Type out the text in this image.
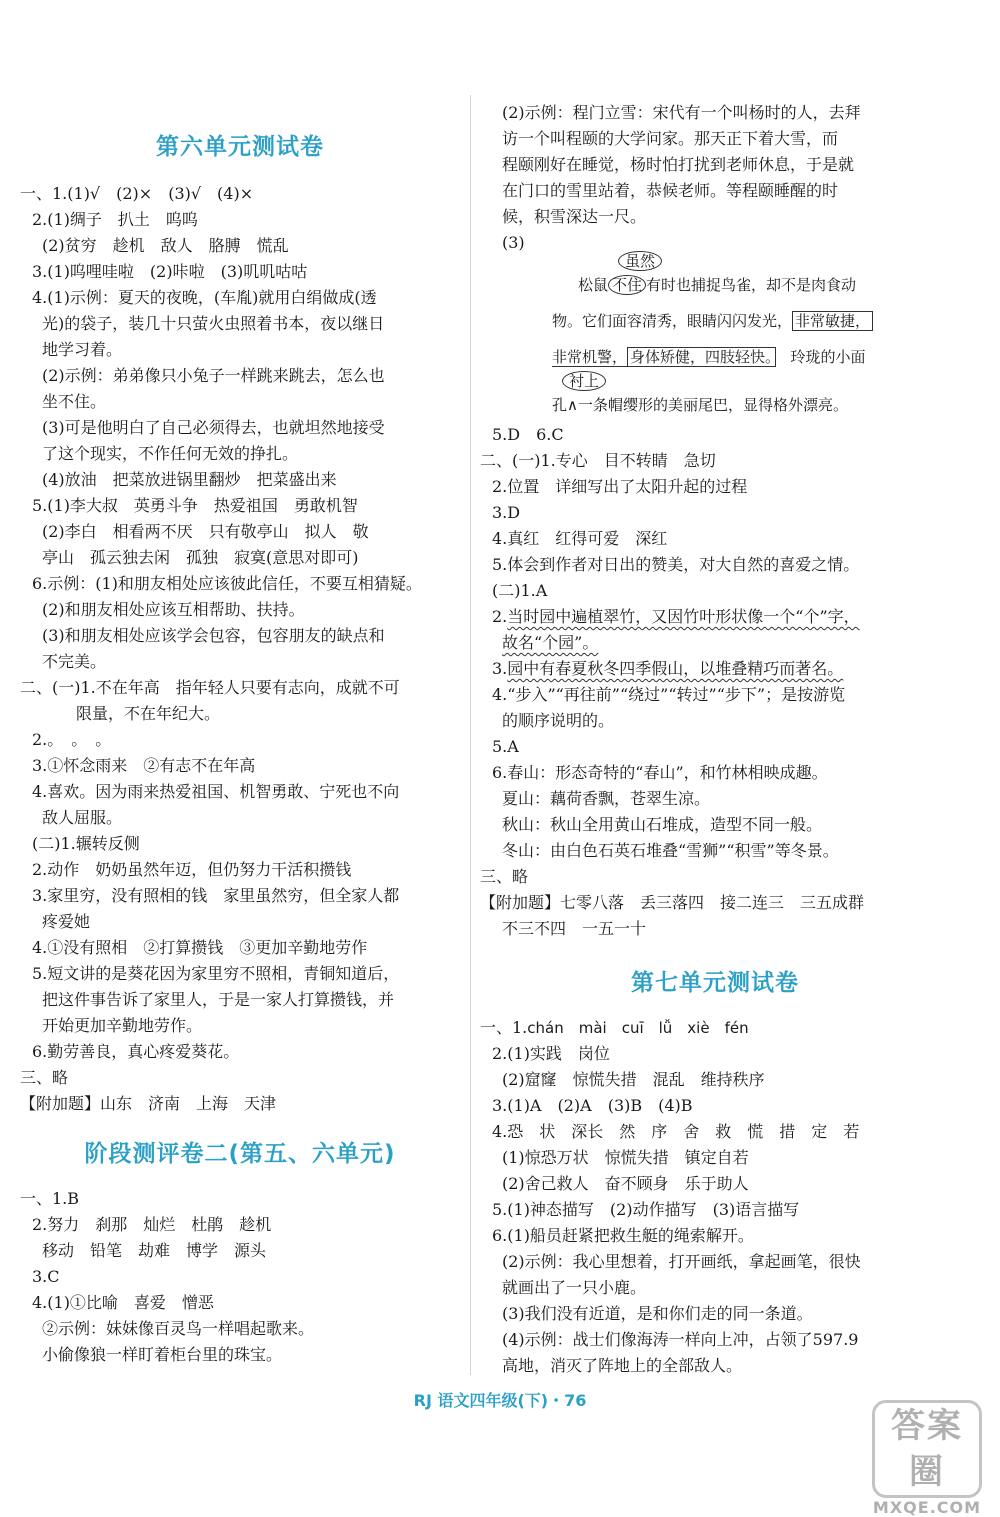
第六单元测试卷
一、1.(1)√　(2)×　(3)√　(4)×
2.(1)绸子　扒土　呜呜
(2)贫穷　趁机　敌人　胳膊　慌乱
3.(1)呜哩哇啦　(2)咔啦　(3)叽叽咕咕
4.(1)示例：夏天的夜晚，(车胤)就用白绢做成(透
光)的袋子，装几十只萤火虫照着书本，夜以继日
地学习着。
(2)示例：弟弟像只小兔子一样跳来跳去，怎么也
坐不住。
(3)可是他明白了自己必须得去，也就坦然地接受
了这个现实，不作任何无效的挣扎。
(4)放油　把菜放进锅里翻炒　把菜盛出来
5.(1)李大叔　英勇斗争　热爱祖国　勇敢机智
(2)李白　相看两不厌　只有敬亭山　拟人　敬
亭山　孤云独去闲　孤独　寂寞(意思对即可)
6.示例：(1)和朋友相处应该彼此信任，不要互相猜疑。
(2)和朋友相处应该互相帮助、扶持。
(3)和朋友相处应该学会包容，包容朋友的缺点和
不完美。
二、(一)1.不在年高　指年轻人只要有志向，成就不可
限量，不在年纪大。
2.。　。　。
3.①怀念雨来　②有志不在年高
4.喜欢。因为雨来热爱祖国、机智勇敢、宁死也不向
敌人屈服。
(二)1.辗转反侧
2.动作　奶奶虽然年迈，但仍努力干活积攒钱
3.家里穷，没有照相的钱　家里虽然穷，但全家人都
疼爱她
4.①没有照相　②打算攒钱　③更加辛勤地劳作
5.短文讲的是葵花因为家里穷不照相，青铜知道后，
把这件事告诉了家里人，于是一家人打算攒钱，并
开始更加辛勤地劳作。
6.勤劳善良，真心疼爱葵花。
三、略
【附加题】山东　济南　上海　天津
阶段测评卷二(第五、六单元)
一、1.B
2.努力　刹那　灿烂　杜鹃　趁机
移动　铅笔　劫难　博学　源头
3.C
4.(1)①比喻　喜爱　憎恶
②示例：妹妹像百灵鸟一样唱起歌来。
小偷像狼一样盯着柜台里的珠宝。
(2)示例：程门立雪：宋代有一个叫杨时的人，去拜
访一个叫程颐的大学问家。那天正下着大雪，而
程颐刚好在睡觉，杨时怕打扰到老师休息，于是就
在门口的雪里站着，恭候老师。等程颐睡醒的时
候，积雪深达一尺。
(3)
虽然
松鼠 不住 有时也捕捉鸟雀，却不是肉食动
物。它们面容清秀，眼睛闪闪发光， 非常敏捷，
非常机警， 身体矫健，四肢轻快。　 玲珑的小面
衬上
孔∧一条帽缨形的美丽尾巴，显得格外漂亮。
5.D　6.C
二、(一)1.专心　目不转睛　急切
2.位置　详细写出了太阳升起的过程
3.D
4.真红　红得可爱　深红
5.体会到作者对日出的赞美，对大自然的喜爱之情。
(二)1.A
2.当时园中遍植翠竹，又因竹叶形状像一个“个”字，
故名“个园”。
3.园中有春夏秋冬四季假山，以堆叠精巧而著名。
4.“步入”“再往前”“绕过”“转过”“步下”；是按游览
的顺序说明的。
5.A
6.春山：形态奇特的“春山”，和竹林相映成趣。
夏山：藕荷香飘，苍翠生凉。
秋山：秋山全用黄山石堆成，造型不同一般。
冬山：由白色石英石堆叠“雪狮”“积雪”等冬景。
三、略
【附加题】七零八落　丢三落四　接二连三　三五成群
不三不四　一五一十
第七单元测试卷
一、1.chán　mài　cuī　lǚ　xiè　fén
2.(1)实践　岗位
(2)窟窿　惊慌失措　混乱　维持秩序
3.(1)A　(2)A　(3)B　(4)B
4.恐　状　深长　然　序　舍　救　慌　措　定　若
(1)惊恐万状　惊慌失措　镇定自若
(2)舍己救人　奋不顾身　乐于助人
5.(1)神态描写　(2)动作描写　(3)语言描写
6.(1)船员赶紧把救生艇的绳索解开。
(2)示例：我心里想着，打开画纸，拿起画笔，很快
就画出了一只小鹿。
(3)我们没有近道，是和你们走的同一条道。
(4)示例：战士们像海涛一样向上冲，占领了597.9
高地，消灭了阵地上的全部敌人。
RJ 语文四年级(下)・76
答案圈
MXQE.COM
